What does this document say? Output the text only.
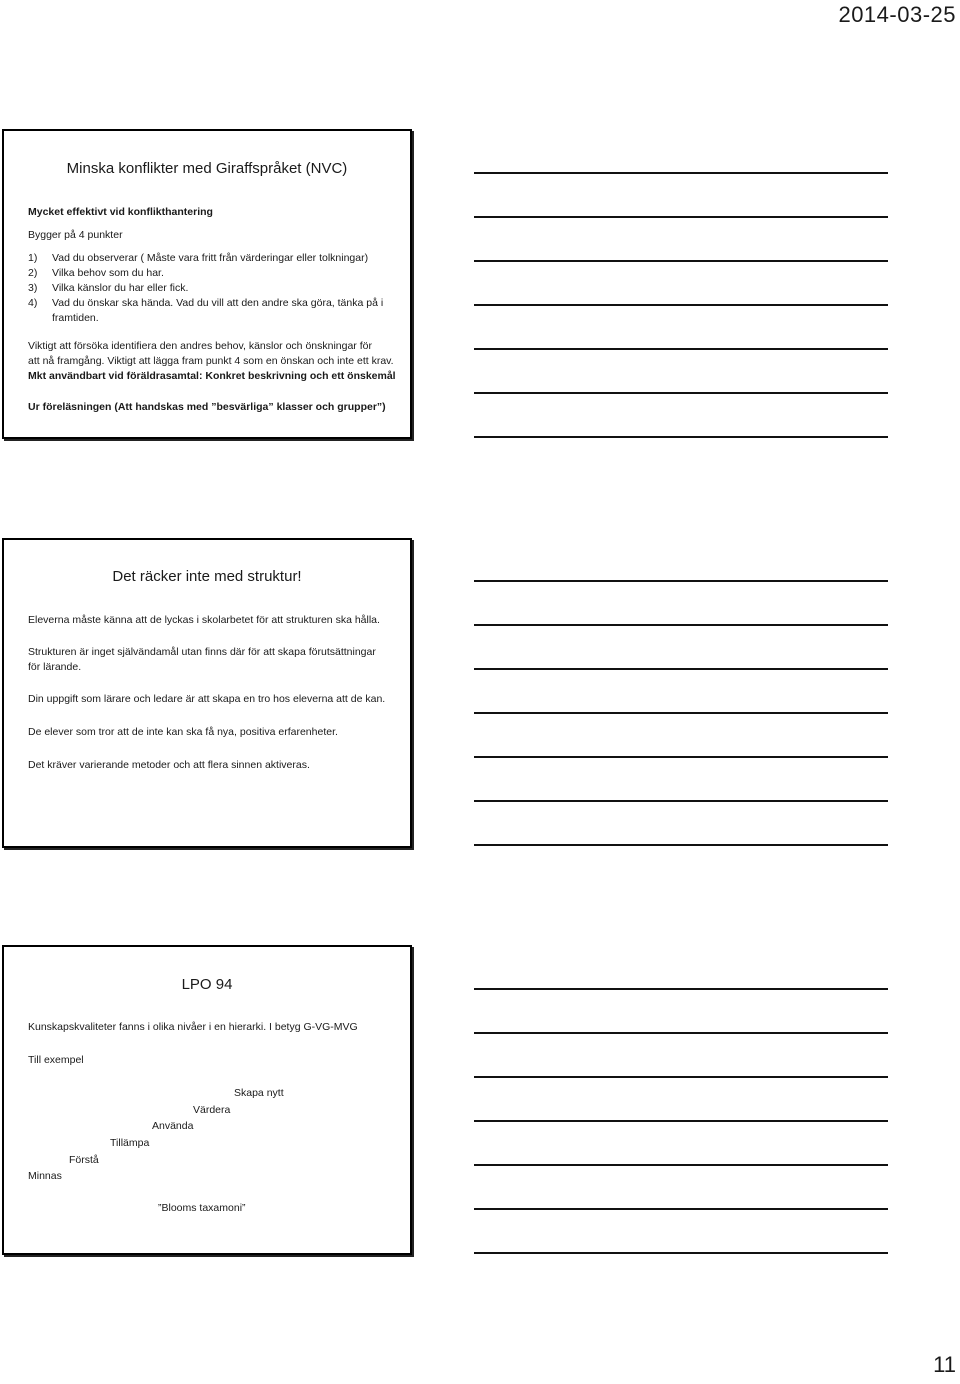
2014-03-25
Minska konflikter med Giraffspråket (NVC)
Mycket effektivt vid konflikthantering
Bygger på 4 punkter
1) Vad du observerar ( Måste vara fritt från värderingar eller tolkningar)
2) Vilka behov som du har.
3) Vilka känslor du har eller fick.
4) Vad du önskar ska hända. Vad du vill att den andre ska göra, tänka på i
framtiden.
Viktigt att försöka identifiera den andres behov, känslor och önskningar för
att nå framgång. Viktigt att lägga fram punkt 4 som en önskan och inte ett krav.
Mkt användbart vid föräldrasamtal: Konkret beskrivning och ett önskemål
Ur föreläsningen (Att handskas med ”besvärliga” klasser och grupper”)
Det räcker inte med struktur!
Eleverna måste känna att de lyckas i skolarbetet för att strukturen ska hålla.
Strukturen är inget självändamål utan finns där för att skapa förutsättningar
för lärande.
Din uppgift som lärare och ledare är att skapa en tro hos eleverna att de kan.
De elever som tror att de inte kan ska få nya, positiva erfarenheter.
Det kräver varierande metoder och att flera sinnen aktiveras.
LPO 94
Kunskapskvaliteter fanns i olika nivåer i en hierarki. I betyg G-VG-MVG
Till exempel
Skapa nytt
Värdera
Använda
Tillämpa
Förstå
Minnas
”Blooms taxamoni”
11
